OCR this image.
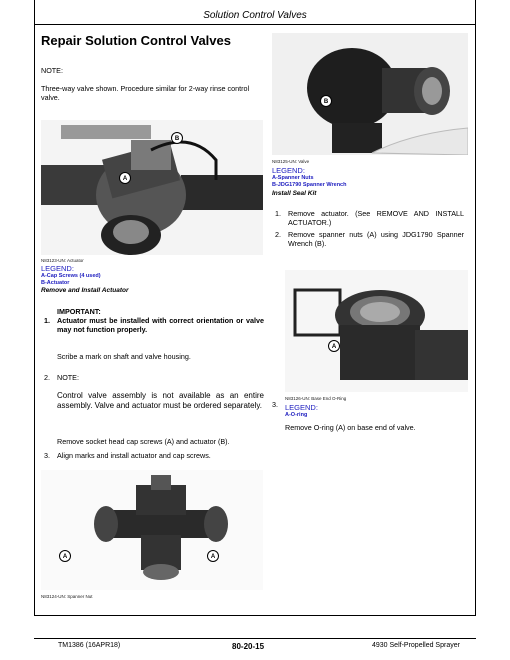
Solution Control Valves
Repair Solution Control Valves
NOTE:
Three-way valve shown. Procedure similar for 2-way rinse control valve.
A
B
N83123-UN: Actuator
LEGEND:
A-Cap Screws (4 used)
B-Actuator
Remove and Install Actuator
IMPORTANT:
1. Actuator must be installed with correct orientation or valve may not function properly.
Scribe a mark on shaft and valve housing.
2. NOTE:
Control valve assembly is not available as an entire assembly. Valve and actuator must be ordered separately.
Remove socket head cap screws (A) and actuator (B).
3. Align marks and install actuator and cap screws.
A	A
N83124-UN: Spanner Nut
B
N83125-UN: Valve
LEGEND:
A-Spanner Nuts
B-JDG1790 Spanner Wrench
Install Seal Kit
1. Remove actuator. (See REMOVE AND INSTALL ACTUATOR.)
2. Remove spanner nuts (A) using JDG1790 Spanner Wrench (B).
A
N83126-UN: Base End O-Ring
3. LEGEND:
A-O-ring
Remove O-ring (A) on base end of valve.
TM1386 (16APR18)	80-20-15	4930 Self-Propelled Sprayer
